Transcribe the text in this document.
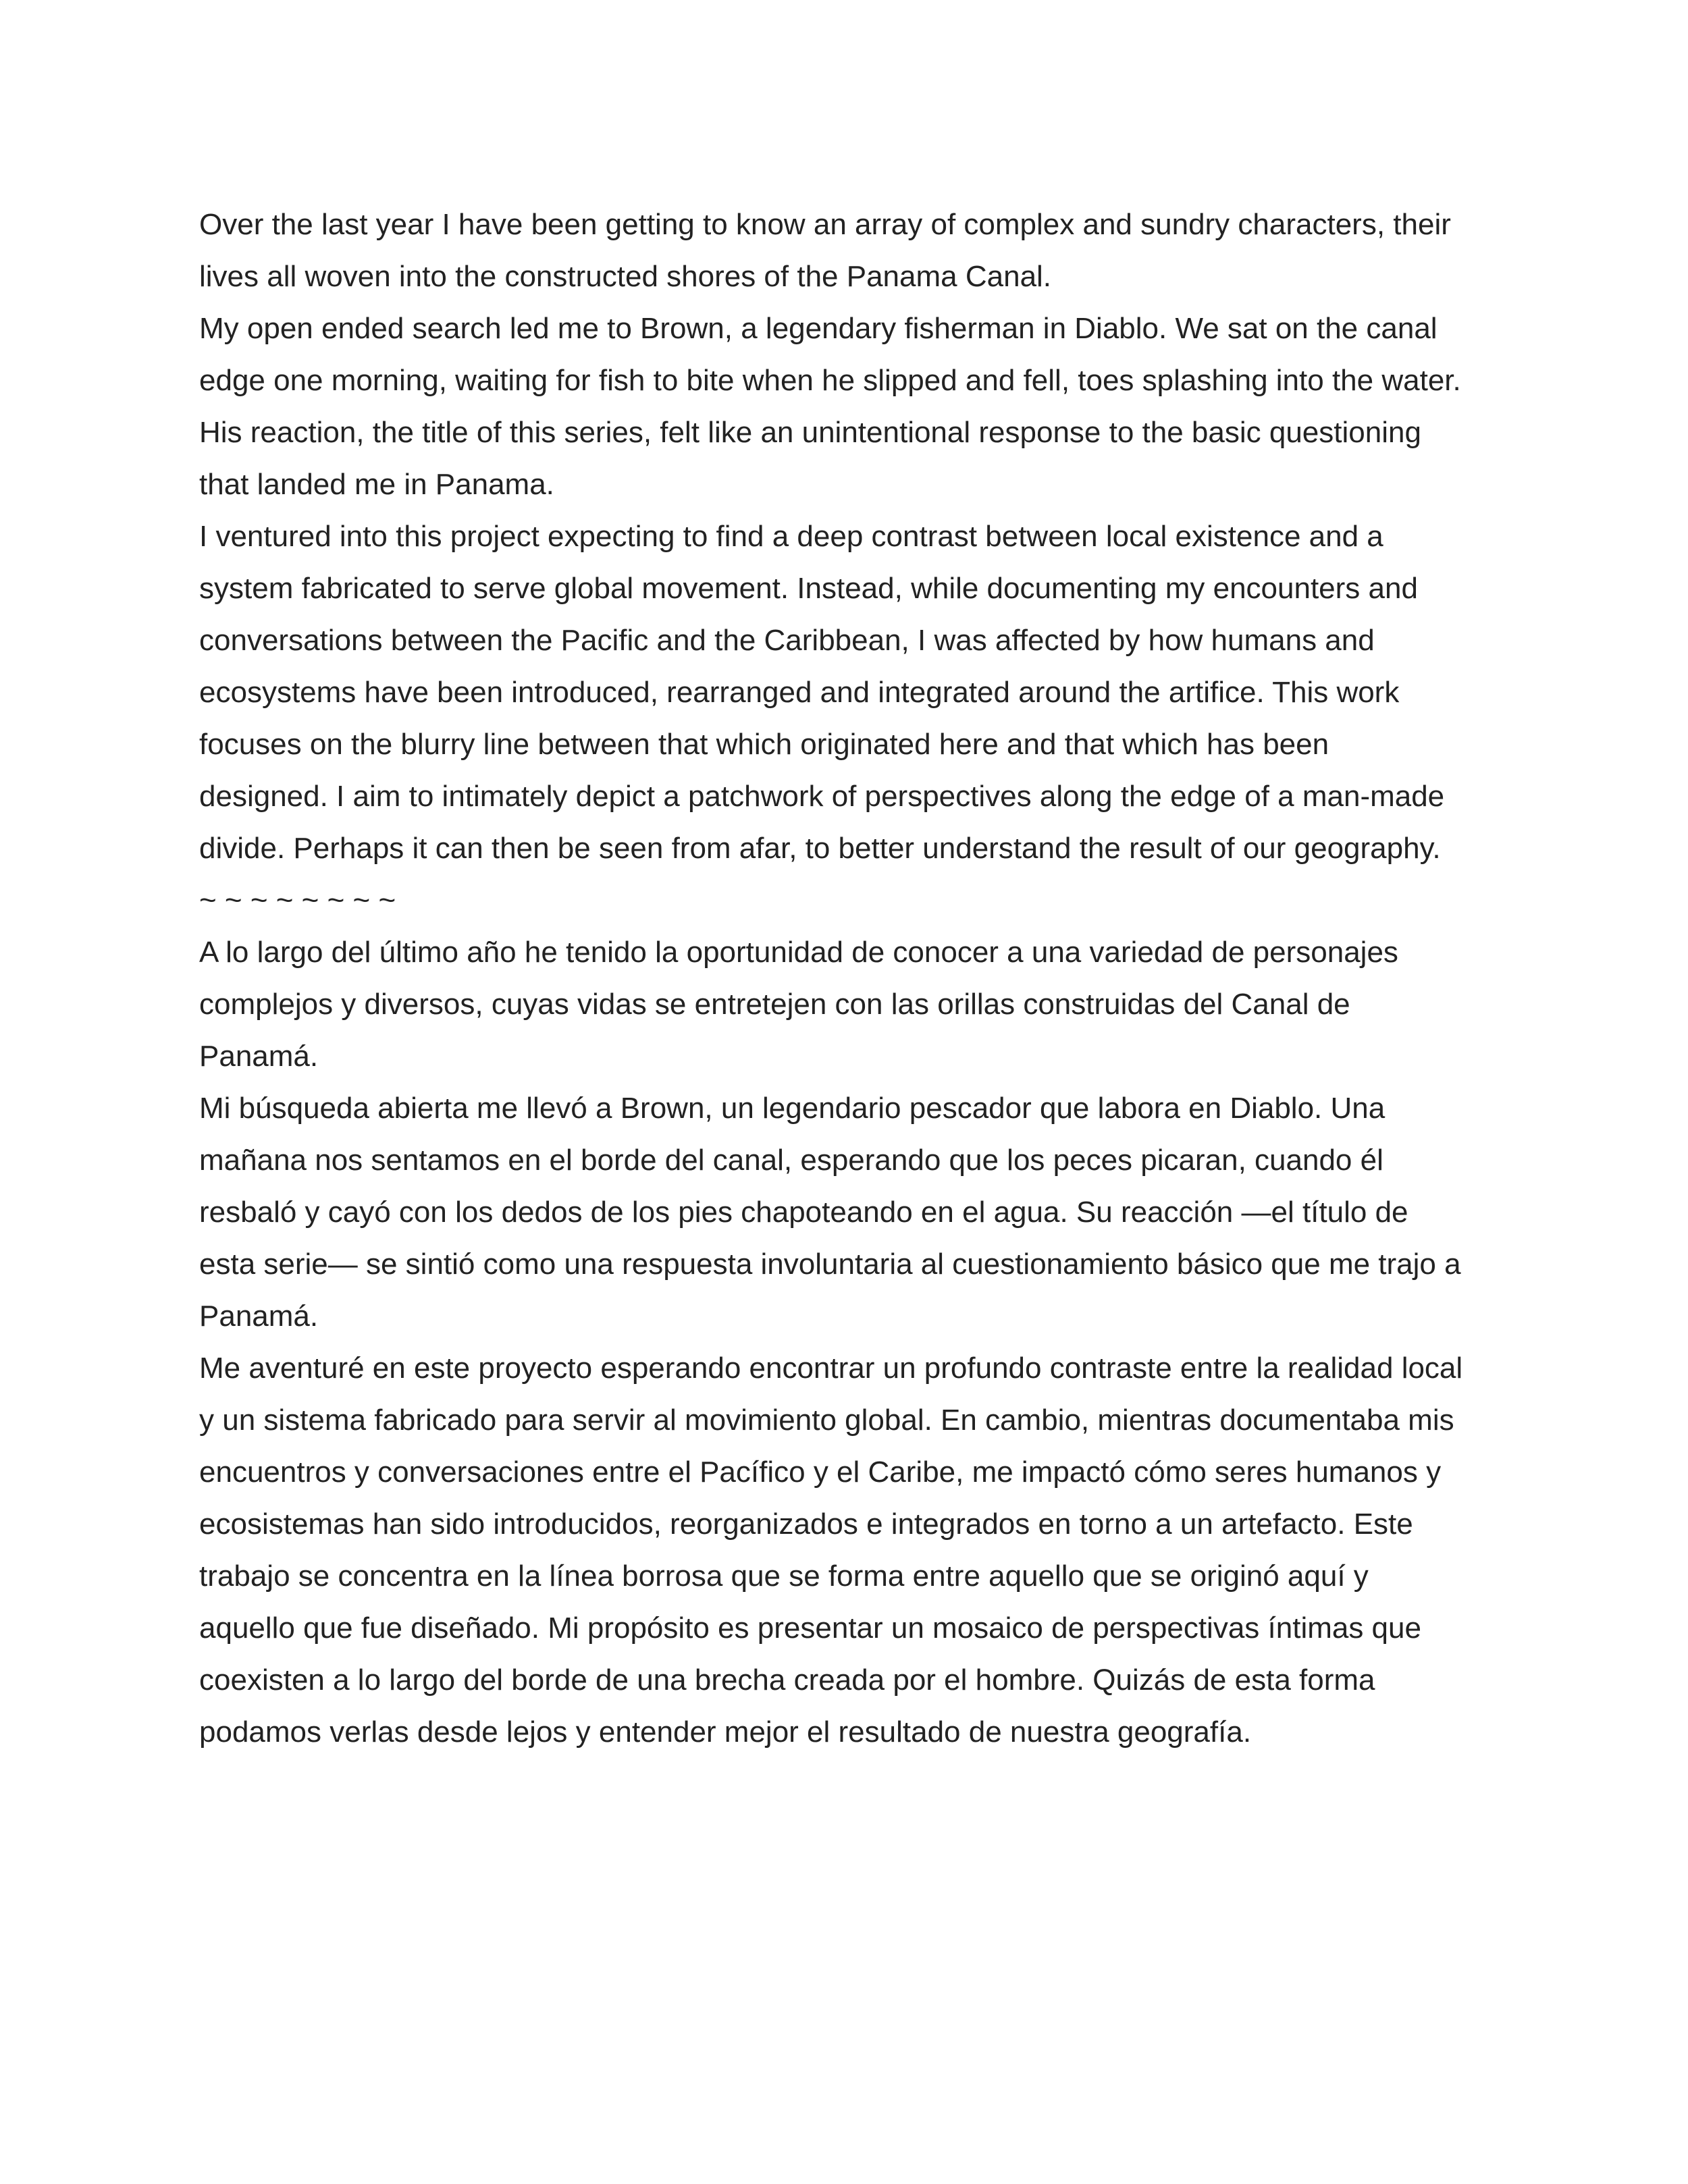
Over the last year I have been getting to know an array of complex and sundry characters, their

lives all woven into the constructed shores of the Panama Canal.

My open ended search led me to Brown, a legendary fisherman in Diablo. We sat on the canal

edge one morning, waiting for fish to bite when he slipped and fell, toes splashing into the water.

His reaction, the title of this series, felt like an unintentional response to the basic questioning

that landed me in Panama.

I ventured into this project expecting to find a deep contrast between local existence and a

system fabricated to serve global movement. Instead, while documenting my encounters and

conversations between the Pacific and the Caribbean, I was affected by how humans and

ecosystems have been introduced, rearranged and integrated around the artifice. This work

focuses on the blurry line between that which originated here and that which has been

designed. I aim to intimately depict a patchwork of perspectives along the edge of a man-made

divide. Perhaps it can then be seen from afar, to better understand the result of our geography.

~ ~ ~ ~ ~ ~ ~ ~

A lo largo del último año he tenido la oportunidad de conocer a una variedad de personajes

complejos y diversos, cuyas vidas se entretejen con las orillas construidas del Canal de

Panamá.

Mi búsqueda abierta me llevó a Brown, un legendario pescador que labora en Diablo. Una

mañana nos sentamos en el borde del canal, esperando que los peces picaran, cuando él

resbaló y cayó con los dedos de los pies chapoteando en el agua. Su reacción —el título de

esta serie— se sintió como una respuesta involuntaria al cuestionamiento básico que me trajo a

Panamá.

Me aventuré en este proyecto esperando encontrar un profundo contraste entre la realidad local

y un sistema fabricado para servir al movimiento global. En cambio, mientras documentaba mis

encuentros y conversaciones entre el Pacífico y el Caribe, me impactó cómo seres humanos y

ecosistemas han sido introducidos, reorganizados e integrados en torno a un artefacto. Este

trabajo se concentra en la línea borrosa que se forma entre aquello que se originó aquí y

aquello que fue diseñado. Mi propósito es presentar un mosaico de perspectivas íntimas que

coexisten a lo largo del borde de una brecha creada por el hombre. Quizás de esta forma

podamos verlas desde lejos y entender mejor el resultado de nuestra geografía.
